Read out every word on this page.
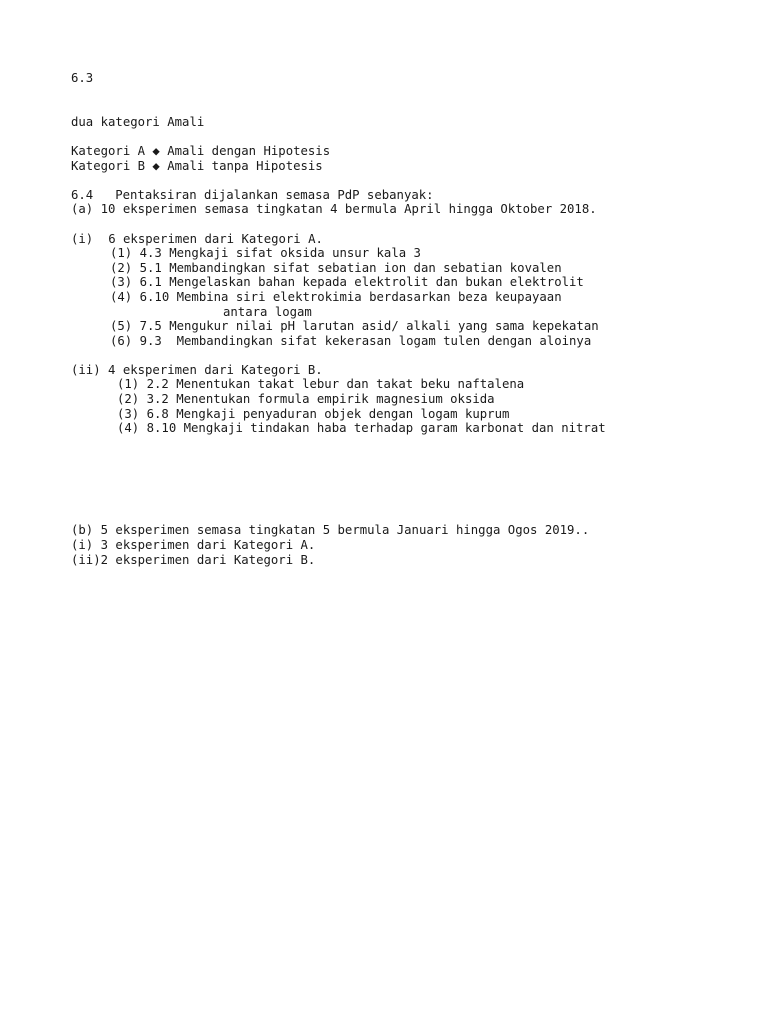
6.3
dua kategori Amali
Kategori A ◆ Amali dengan Hipotesis
Kategori B ◆ Amali tanpa Hipotesis
6.4 Pentaksiran dijalankan semasa PdP sebanyak:
(a) 10 eksperimen semasa tingkatan 4 bermula April hingga Oktober 2018.
(i) 6 eksperimen dari Kategori A.
(1) 4.3 Mengkaji sifat oksida unsur kala 3
(2) 5.1 Membandingkan sifat sebatian ion dan sebatian kovalen
(3) 6.1 Mengelaskan bahan kepada elektrolit dan bukan elektrolit
(4) 6.10 Membina siri elektrokimia berdasarkan beza keupayaan
antara logam
(5) 7.5 Mengukur nilai pH larutan asid/ alkali yang sama kepekatan
(6) 9.3  Membandingkan sifat kekerasan logam tulen dengan aloinya
(ii) 4 eksperimen dari Kategori B.
(1) 2.2 Menentukan takat lebur dan takat beku naftalena
(2) 3.2 Menentukan formula empirik magnesium oksida
(3) 6.8 Mengkaji penyaduran objek dengan logam kuprum
(4) 8.10 Mengkaji tindakan haba terhadap garam karbonat dan nitrat
(b) 5 eksperimen semasa tingkatan 5 bermula Januari hingga Ogos 2019..
(i) 3 eksperimen dari Kategori A.
(ii)2 eksperimen dari Kategori B.
